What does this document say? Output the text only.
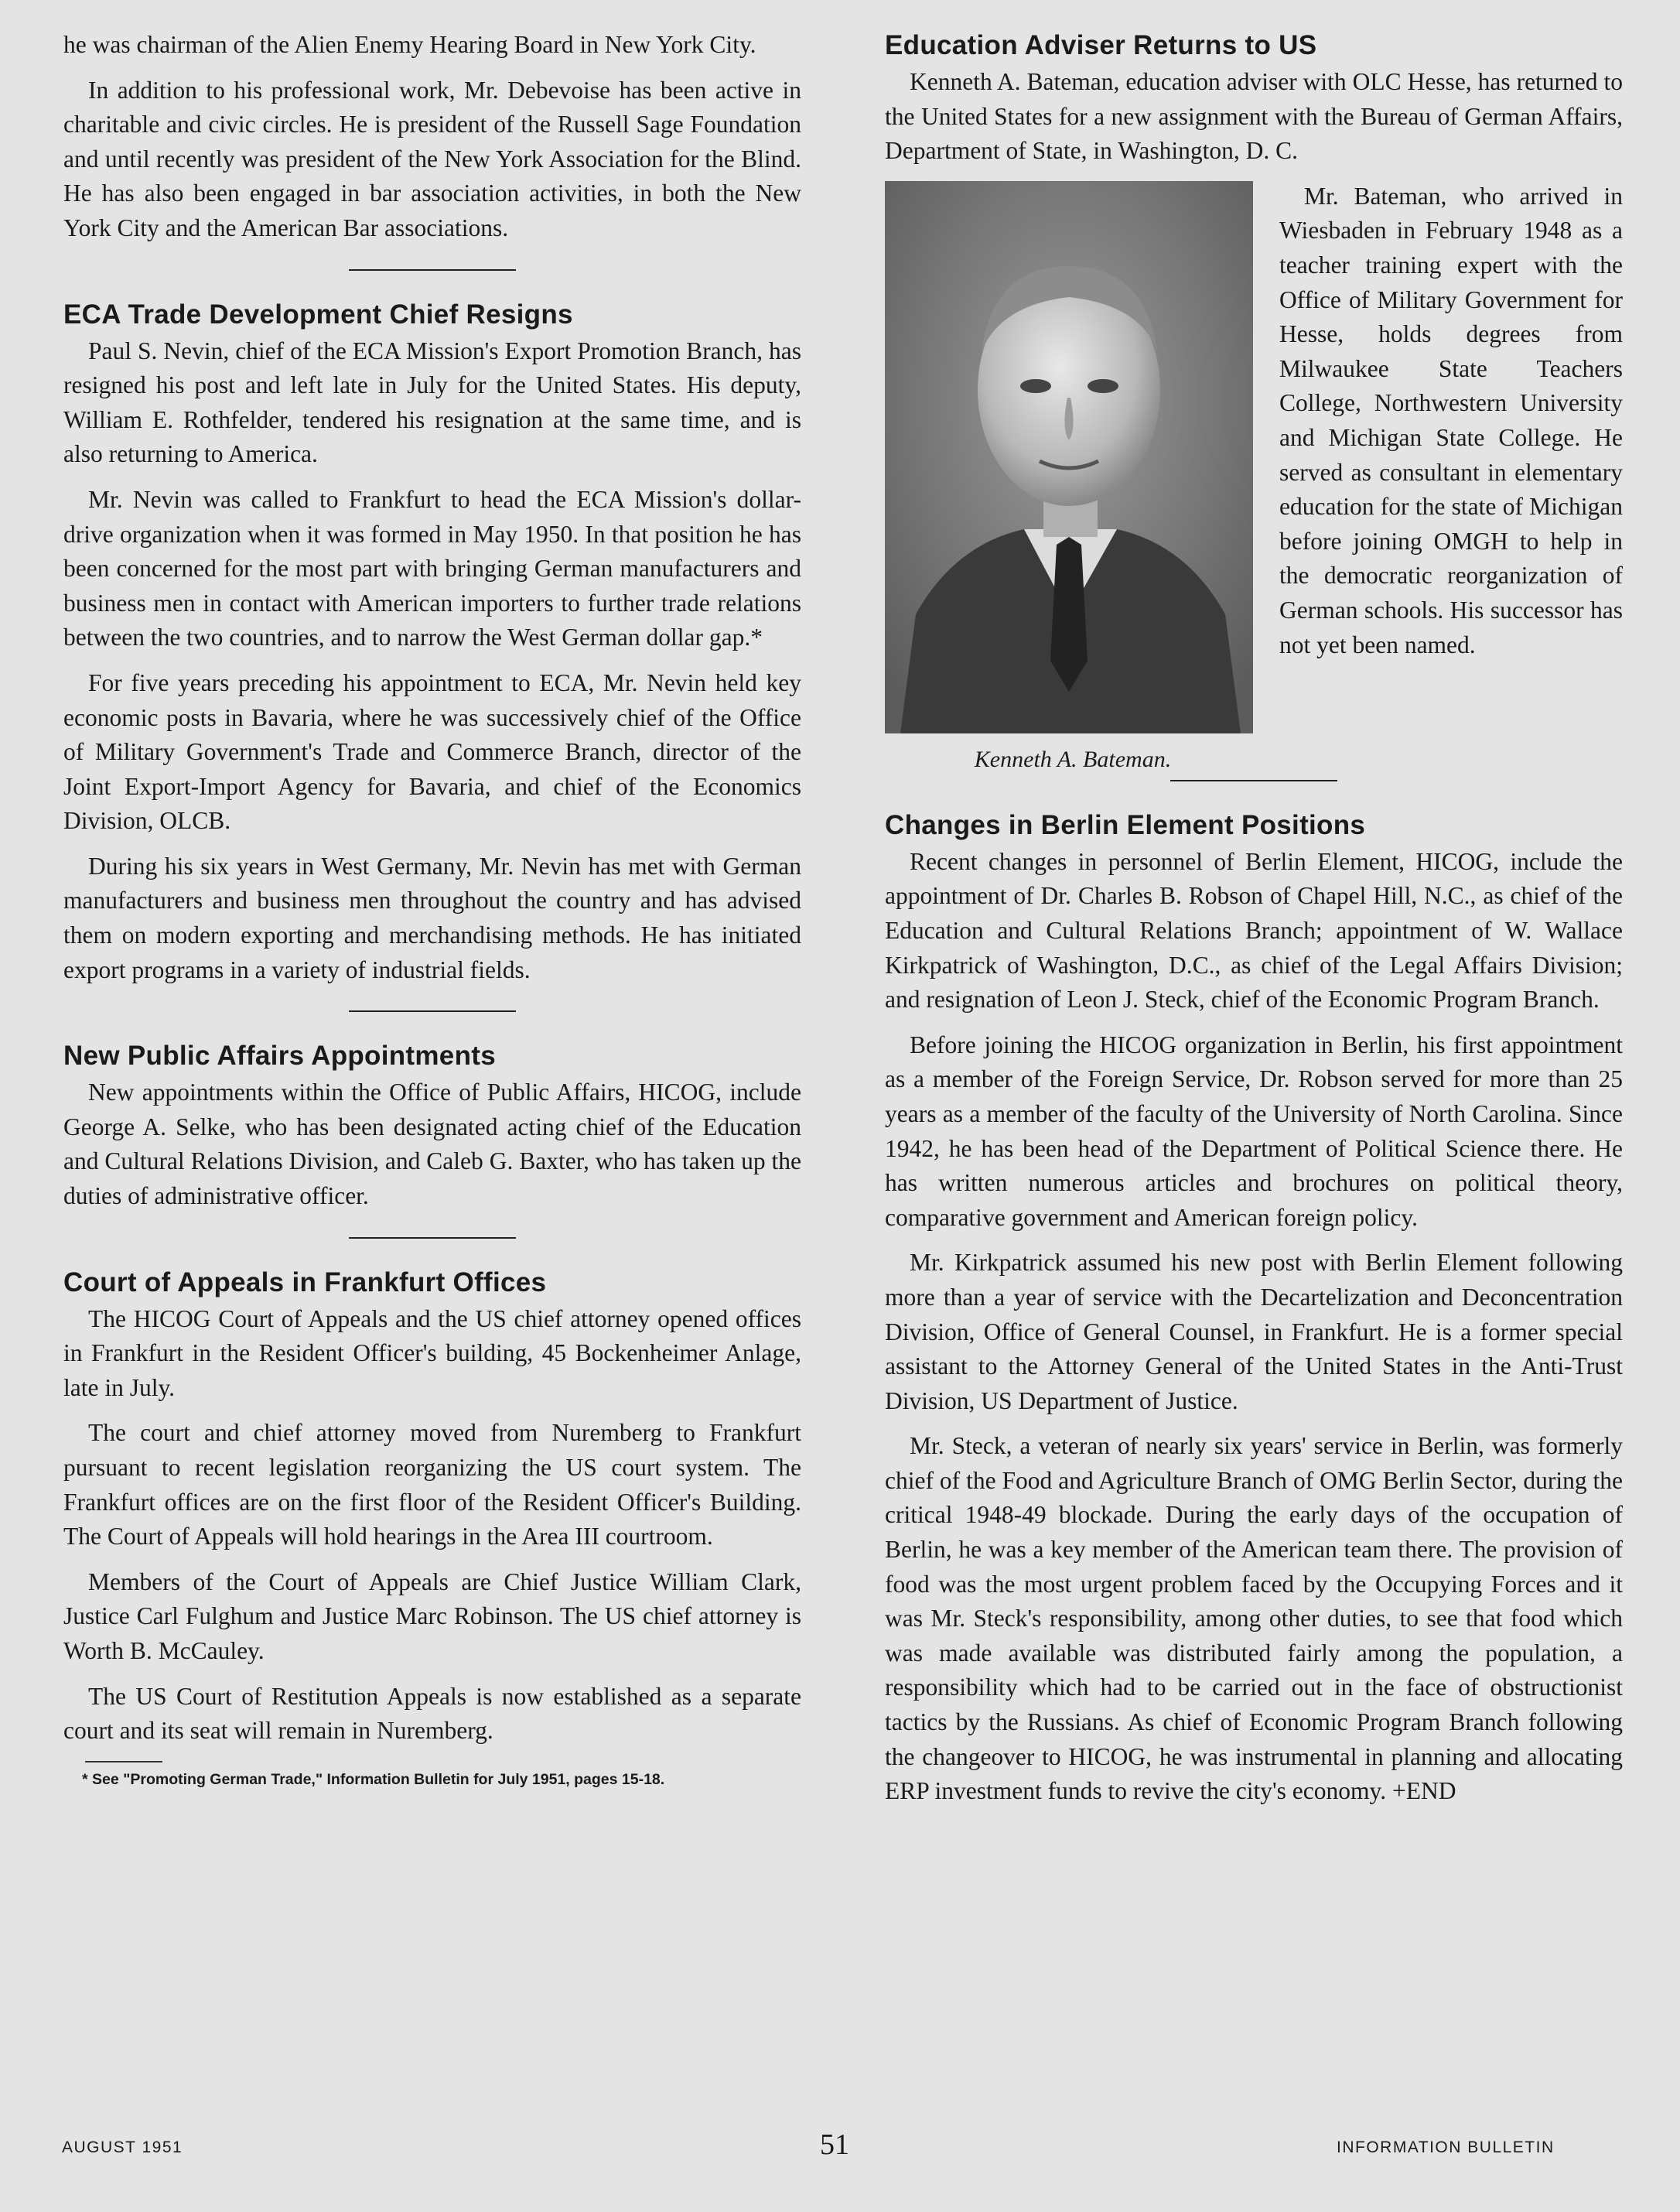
he was chairman of the Alien Enemy Hearing Board in New York City.

In addition to his professional work, Mr. Debevoise has been active in charitable and civic circles. He is president of the Russell Sage Foundation and until recently was president of the New York Association for the Blind. He has also been engaged in bar association activities, in both the New York City and the American Bar associations.

ECA Trade Development Chief Resigns

Paul S. Nevin, chief of the ECA Mission's Export Promotion Branch, has resigned his post and left late in July for the United States. His deputy, William E. Rothfelder, tendered his resignation at the same time, and is also returning to America.

Mr. Nevin was called to Frankfurt to head the ECA Mission's dollar-drive organization when it was formed in May 1950. In that position he has been concerned for the most part with bringing German manufacturers and business men in contact with American importers to further trade relations between the two countries, and to narrow the West German dollar gap.*

For five years preceding his appointment to ECA, Mr. Nevin held key economic posts in Bavaria, where he was successively chief of the Office of Military Government's Trade and Commerce Branch, director of the Joint Export-Import Agency for Bavaria, and chief of the Economics Division, OLCB.

During his six years in West Germany, Mr. Nevin has met with German manufacturers and business men throughout the country and has advised them on modern exporting and merchandising methods. He has initiated export programs in a variety of industrial fields.

New Public Affairs Appointments

New appointments within the Office of Public Affairs, HICOG, include George A. Selke, who has been designated acting chief of the Education and Cultural Relations Division, and Caleb G. Baxter, who has taken up the duties of administrative officer.

Court of Appeals in Frankfurt Offices

The HICOG Court of Appeals and the US chief attorney opened offices in Frankfurt in the Resident Officer's building, 45 Bockenheimer Anlage, late in July.

The court and chief attorney moved from Nuremberg to Frankfurt pursuant to recent legislation reorganizing the US court system. The Frankfurt offices are on the first floor of the Resident Officer's Building. The Court of Appeals will hold hearings in the Area III courtroom.

Members of the Court of Appeals are Chief Justice William Clark, Justice Carl Fulghum and Justice Marc Robinson. The US chief attorney is Worth B. McCauley.

The US Court of Restitution Appeals is now established as a separate court and its seat will remain in Nuremberg.

* See "Promoting German Trade," Information Bulletin for July 1951, pages 15-18.

Education Adviser Returns to US

Kenneth A. Bateman, education adviser with OLC Hesse, has returned to the United States for a new assignment with the Bureau of German Affairs, Department of State, in Washington, D. C.

Kenneth A. Bateman.

Mr. Bateman, who arrived in Wiesbaden in February 1948 as a teacher training expert with the Office of Military Government for Hesse, holds degrees from Milwaukee State Teachers College, Northwestern University and Michigan State College. He served as consultant in elementary education for the state of Michigan before joining OMGH to help in the democratic reorganization of German schools. His successor has not yet been named.

Changes in Berlin Element Positions

Recent changes in personnel of Berlin Element, HICOG, include the appointment of Dr. Charles B. Robson of Chapel Hill, N.C., as chief of the Education and Cultural Relations Branch; appointment of W. Wallace Kirkpatrick of Washington, D.C., as chief of the Legal Affairs Division; and resignation of Leon J. Steck, chief of the Economic Program Branch.

Before joining the HICOG organization in Berlin, his first appointment as a member of the Foreign Service, Dr. Robson served for more than 25 years as a member of the faculty of the University of North Carolina. Since 1942, he has been head of the Department of Political Science there. He has written numerous articles and brochures on political theory, comparative government and American foreign policy.

Mr. Kirkpatrick assumed his new post with Berlin Element following more than a year of service with the Decartelization and Deconcentration Division, Office of General Counsel, in Frankfurt. He is a former special assistant to the Attorney General of the United States in the Anti-Trust Division, US Department of Justice.

Mr. Steck, a veteran of nearly six years' service in Berlin, was formerly chief of the Food and Agriculture Branch of OMG Berlin Sector, during the critical 1948-49 blockade. During the early days of the occupation of Berlin, he was a key member of the American team there. The provision of food was the most urgent problem faced by the Occupying Forces and it was Mr. Steck's responsibility, among other duties, to see that food which was made available was distributed fairly among the population, a responsibility which had to be carried out in the face of obstructionist tactics by the Russians. As chief of Economic Program Branch following the changeover to HICOG, he was instrumental in planning and allocating ERP investment funds to revive the city's economy. +END

AUGUST 1951	51	INFORMATION BULLETIN
